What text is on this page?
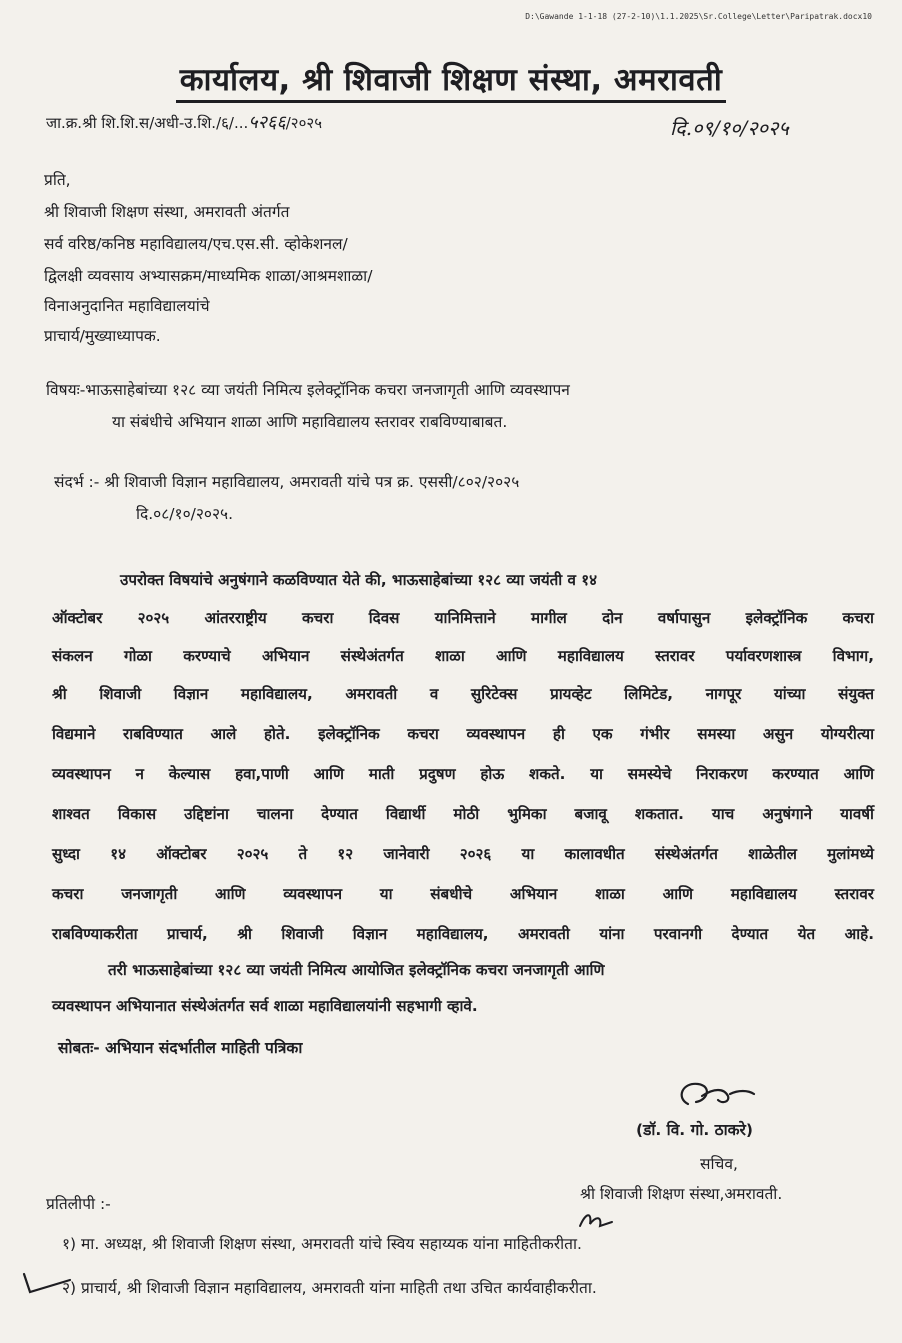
D:\Gawande 1-1-18 (27-2-10)\1.1.2025\Sr.College\Letter\Paripatrak.docx10
कार्यालय, श्री शिवाजी शिक्षण संस्था, अमरावती
जा.क्र.श्री शि.शि.स/अधी-उ.शि./६/...५२६६/२०२५	दि.०९/१०/२०२५
प्रति,
श्री शिवाजी शिक्षण संस्था, अमरावती अंतर्गत
सर्व वरिष्ठ/कनिष्ठ महाविद्यालय/एच.एस.सी. व्होकेशनल/
द्विलक्षी व्यवसाय अभ्यासक्रम/माध्यमिक शाळा/आश्रमशाळा/
विनाअनुदानित महाविद्यालयांचे
प्राचार्य/मुख्याध्यापक.
विषयः-भाऊसाहेबांच्या १२८ व्या जयंती निमित्य इलेक्ट्रॉनिक कचरा जनजागृती आणि व्यवस्थापन
या संबंधीचे अभियान शाळा आणि महाविद्यालय स्तरावर राबविण्याबाबत.
संदर्भ :- श्री शिवाजी विज्ञान महाविद्यालय, अमरावती यांचे पत्र क्र. एससी/८०२/२०२५
दि.०८/१०/२०२५.
उपरोक्त विषयांचे अनुषंगाने कळविण्यात येते की, भाऊसाहेबांच्या १२८ व्या जयंती व १४
ऑक्टोबर २०२५ आंतरराष्ट्रीय कचरा दिवस यानिमित्ताने मागील दोन वर्षापासुन इलेक्ट्रॉनिक कचरा
संकलन गोळा करण्याचे अभियान संस्थेअंतर्गत शाळा आणि महाविद्यालय स्तरावर पर्यावरणशास्त्र विभाग,
श्री शिवाजी विज्ञान महाविद्यालय, अमरावती व सुरिटेक्स प्रायव्हेट लिमिटेड, नागपूर यांच्या संयुक्त
विद्यमाने राबविण्यात आले होते. इलेक्ट्रॉनिक कचरा व्यवस्थापन ही एक गंभीर समस्या असुन योग्यरीत्या
व्यवस्थापन न केल्यास हवा,पाणी आणि माती प्रदुषण होऊ शकते. या समस्येचे निराकरण करण्यात आणि
शाश्वत विकास उद्दिष्टांना चालना देण्यात विद्यार्थी मोठी भुमिका बजावू शकतात. याच अनुषंगाने यावर्षी
सुध्दा १४ ऑक्टोबर २०२५ ते १२ जानेवारी २०२६ या कालावधीत संस्थेअंतर्गत शाळेतील मुलांमध्ये
कचरा जनजागृती आणि व्यवस्थापन या संबधीचे अभियान शाळा आणि महाविद्यालय स्तरावर
राबविण्याकरीता प्राचार्य, श्री शिवाजी विज्ञान महाविद्यालय, अमरावती यांना परवानगी देण्यात येत आहे.
तरी भाऊसाहेबांच्या १२८ व्या जयंती निमित्य आयोजित इलेक्ट्रॉनिक कचरा जनजागृती आणि
व्यवस्थापन अभियानात संस्थेअंतर्गत सर्व शाळा महाविद्यालयांनी सहभागी व्हावे.
सोबतः- अभियान संदर्भातील माहिती पत्रिका
(डॉ. वि. गो. ठाकरे)
सचिव,
श्री शिवाजी शिक्षण संस्था,अमरावती.
प्रतिलीपी :-
१) मा. अध्यक्ष, श्री शिवाजी शिक्षण संस्था, अमरावती यांचे स्विय सहाय्यक यांना माहितीकरीता.
२) प्राचार्य, श्री शिवाजी विज्ञान महाविद्यालय, अमरावती यांना माहिती तथा उचित कार्यवाहीकरीता.
